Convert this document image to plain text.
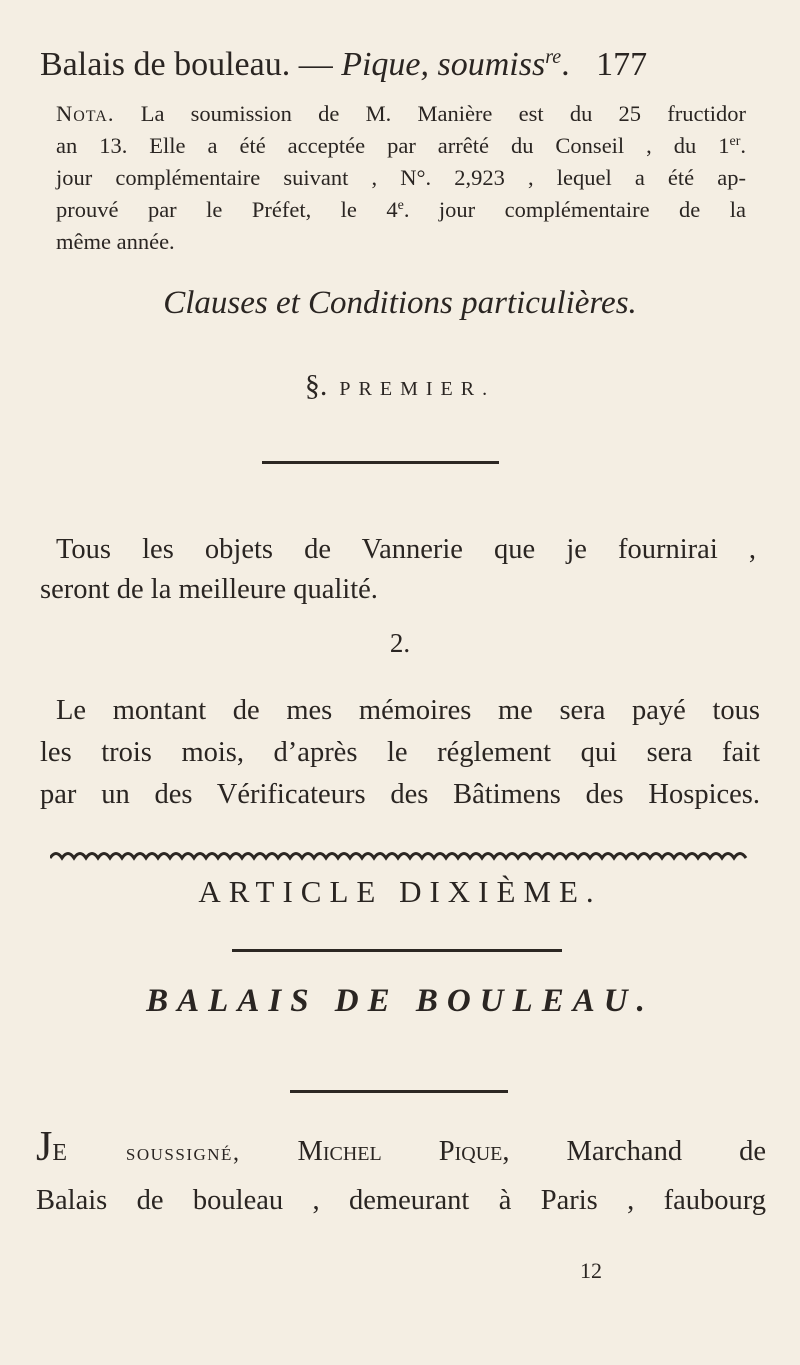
Balais de bouleau. — Pique, soumiss$^{re}$. 177
Nota. La soumission de M. Manière est du 25 fructidor
an 13. Elle a été acceptée par arrêté du Conseil , du 1er.
jour complémentaire suivant , N°. 2,923 , lequel a été ap-
prouvé par le Préfet, le 4e. jour complémentaire de la
même année.
Clauses et Conditions particulières.
§. PREMIER.
Tous les objets de Vannerie que je fournirai ,
seront de la meilleure qualité.
2.
Le montant de mes mémoires me sera payé tous
les trois mois, d’après le réglement qui sera fait
par un des Vérificateurs des Bâtimens des Hospices.
ARTICLE DIXIÈME.
BALAIS DE BOULEAU.
JE soussigné, Michel Pique, Marchand de
Balais de bouleau , demeurant à Paris , faubourg
12
